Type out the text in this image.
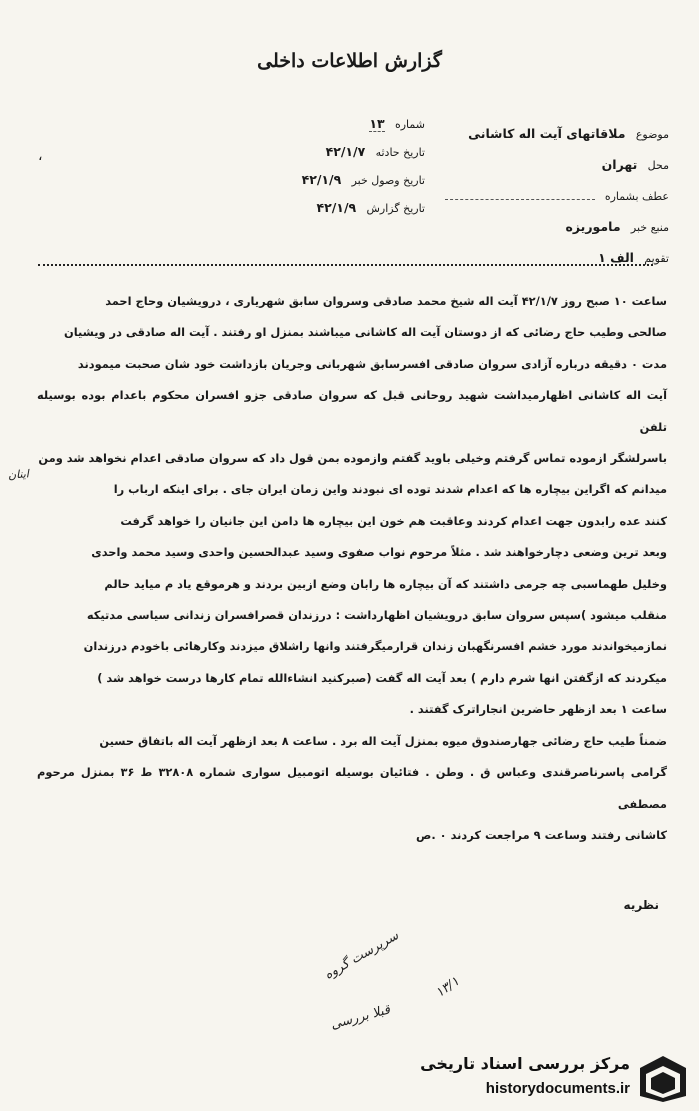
گزارش اطلاعات داخلی
موضوع ملاقاتهای آیت اله کاشانی
محل تهران
عطف بشماره
منبع خبر ماموریزه
تقویم الف ۱
شماره ۱۳
تاریخ حادثه ۴۲/۱/۷
تاریخ وصول خبر ۴۲/۱/۹
تاریخ گزارش ۴۲/۱/۹
،
ساعت ۱۰ صبح روز ۴۲/۱/۷ آیت اله شیخ محمد صادقی وسروان سابق شهریاری ، درویشیان وحاج احمد
صالحی وطیب حاج رضائی که از دوستان آیت اله کاشانی میباشند بمنزل او رفتند . آیت اله صادقی در ویشیان
مدت ۰ دقیقه درباره آزادی سروان صادقی افسرسابق شهربانی وجریان بازداشت خود شان صحبت میمودند
آیت اله کاشانی اظهارمیداشت شهید روحانی قبل که سروان صادقی جزو افسران محکوم باعدام بوده بوسیله تلفن
باسرلشگر ازموده تماس گرفتم وخیلی باوید گفتم وازموده بمن قول داد که سروان صادقی اعدام نخواهد شد ومن
میدانم که اگراین بیچاره ها که اعدام شدند توده ای نبودند واین زمان ایران جای . برای اینکه ارباب را
کنند عده رابدون جهت اعدام کردند وعاقبت هم خون این بیچاره ها دامن این جانیان را خواهد گرفت
وبعد ترین وضعی دچارخواهند شد . مثلاً مرحوم نواب صفوی وسید عبدالحسین واحدی وسید محمد واحدی
وخلیل طهماسبی چه جرمی داشتند که آن بیچاره ها رابان وضع ازبین بردند و هرموقع یاد م میاید حالم
منقلب میشود )سپس سروان سابق درویشیان اظهارداشت : درزندان قصرافسران زندانی سیاسی مدتیکه
نمازمیخواندند مورد خشم افسرنگهبان زندان قرارمیگرفتند وانها راشلاق میزدند وکارهائی باخودم درزندان
میکردند که ازگفتن انها شرم دارم ) بعد آیت اله گفت (صبرکنید انشاءالله تمام کارها درست خواهد شد )
ساعت ۱ بعد ازظهر حاضرین انجاراترک گفتند .
ضمناً طیب حاج رضائی جهارصندوق میوه بمنزل آیت اله برد . ساعت ۸ بعد ازظهر آیت اله باتفاق حسین
گرامی پاسرناصرقندی وعباس ق . وطن . فتائیان بوسیله اتومبیل سواری شماره ۳۲۸۰۸ ط ۳۶ بمنزل مرحوم مصطفی
کاشانی رفتند وساعت ۹ مراجعت کردند ۰ .ص
اینان
نظریه
سرپرست گروه
قبلا بررسی
۱۳/۱
مرکز بررسی اسناد تاریخی
historydocuments.ir
